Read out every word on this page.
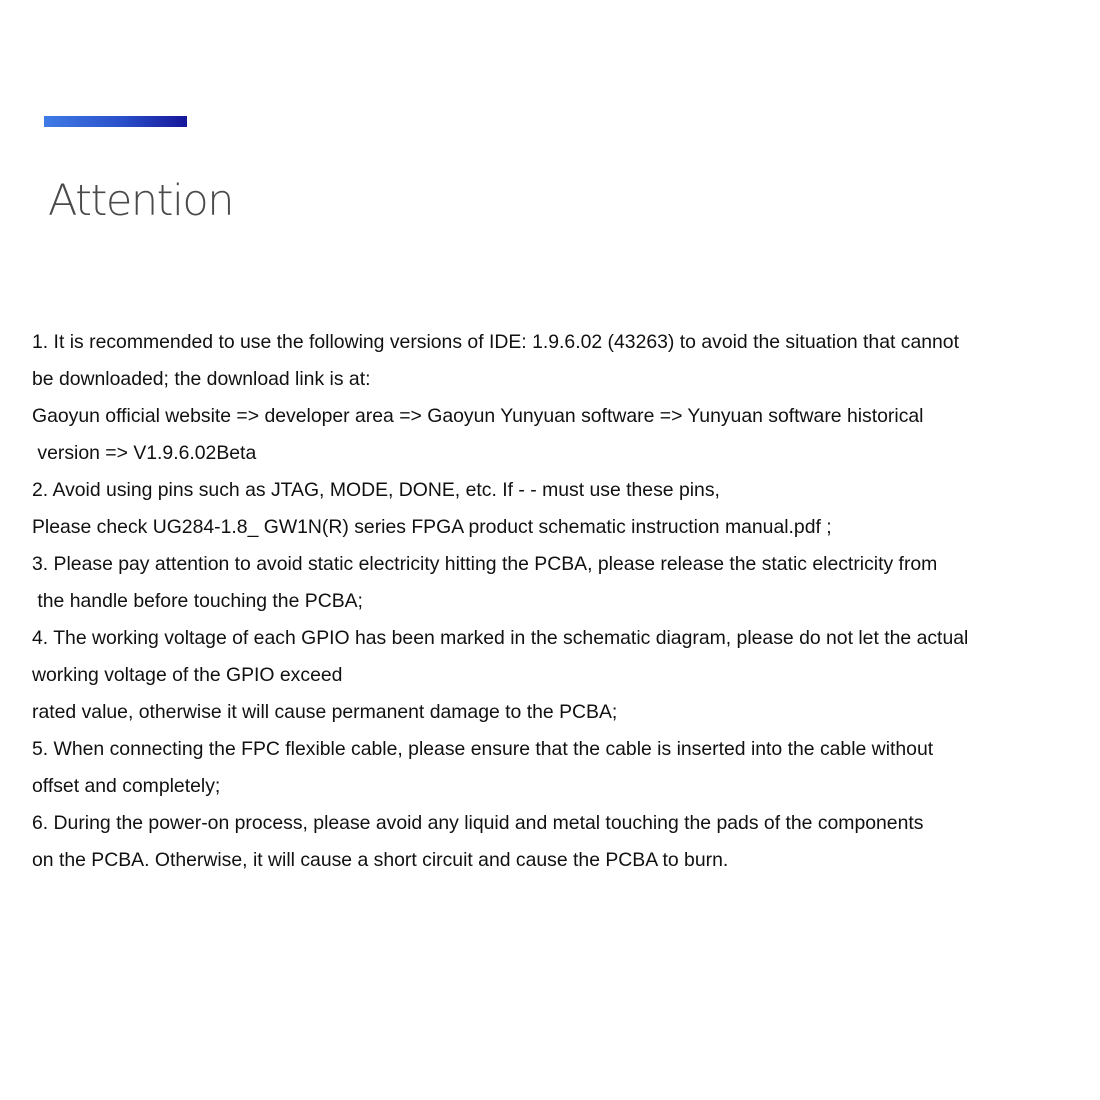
Attention
1. It is recommended to use the following versions of IDE: 1.9.6.02 (43263) to avoid the situation that cannot
be downloaded; the download link is at:
Gaoyun official website => developer area => Gaoyun Yunyuan software => Yunyuan software historical
version => V1.9.6.02Beta
2. Avoid using pins such as JTAG, MODE, DONE, etc. If - - must use these pins,
Please check UG284-1.8_ GW1N(R) series FPGA product schematic instruction manual.pdf ;
3. Please pay attention to avoid static electricity hitting the PCBA, please release the static electricity from
the handle before touching the PCBA;
4. The working voltage of each GPIO has been marked in the schematic diagram, please do not let the actual
working voltage of the GPIO exceed
rated value, otherwise it will cause permanent damage to the PCBA;
5. When connecting the FPC flexible cable, please ensure that the cable is inserted into the cable without
offset and completely;
6. During the power-on process, please avoid any liquid and metal touching the pads of the components
on the PCBA. Otherwise, it will cause a short circuit and cause the PCBA to burn.
